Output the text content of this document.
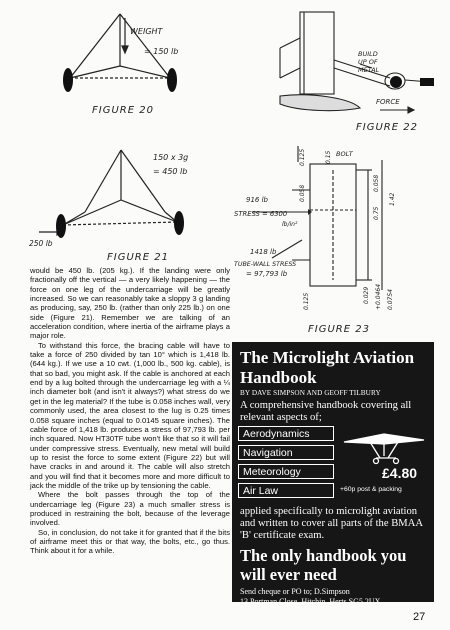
WEIGHT
= 150 lb
FIGURE 20
150 x 3g
= 450 lb
250 lb
FIGURE 21
BUILD
UP OF
METAL
FORCE
FIGURE 22
BOLT
916 lb
STRESS = 6300
lb/in²
1418 lb
TUBE-WALL STRESS
= 97,793 lb
0.125
0.058
0.15
0.75
0.058
1.42
0.029 +0.0464 0.0754
0.125
FIGURE 23

would be 450 lb. (205 kg.). If the landing were only fractionally off the vertical — a very likely happening — the force on one leg of the undercarriage will be greatly increased. So we can reasonably take a sloppy 3 g landing as producing, say, 250 lb. (rather than only 225 lb.) on one side (Figure 21). Remember we are talking of an acceleration condition, where inertia of the airframe plays a major role.

To withstand this force, the bracing cable will have to take a force of 250 divided by tan 10° which is 1,418 lb. (644 kg.). If we use a 10 cwt. (1,000 lb., 500 kg. cable), is that so bad, you might ask. If the cable is anchored at each end by a lug bolted through the undercarriage leg with a ¼ inch diameter bolt (and isn't it always?) what stress do we get in the leg material? If the tube is 0.058 inches wall, very commonly used, the area closest to the lug is 0.25 times 0.058 square inches (equal to 0.0145 square inches). The cable force of 1,418 lb. produces a stress of 97,793 lb. per inch squared. Now HT30TF tube won't like that so it will fail under compressive stress. Eventually, new metal will build up to resist the force to some extent (Figure 22) but will have cracks in and around it. The cable will also stretch and you will find that it becomes more and more difficult to jack the middle of the trike up by tensioning the cable.

Where the bolt passes through the top of the undercarriage leg (Figure 23) a much smaller stress is produced in restraining the bolt, because of the leverage involved.

So, in conclusion, do not take it for granted that if the bits of airframe meet this or that way, the bolts, etc., go thus. Think about it for a while.

The Microlight Aviation Handbook
BY DAVE SIMPSON AND GEOFF TILBURY
A comprehensive handbook covering all relevant aspects of;
Aerodynamics
Navigation
Meteorology
Air Law
applied specifically to microlight aviation and written to cover all parts of the BMAA 'B' certificate exam.
The only handbook you will ever need
Send cheque or PO to; D.Simpson
13 Portman Close, Hitchin, Herts SG5 2UX
£4.80
+60p post & packing
27
